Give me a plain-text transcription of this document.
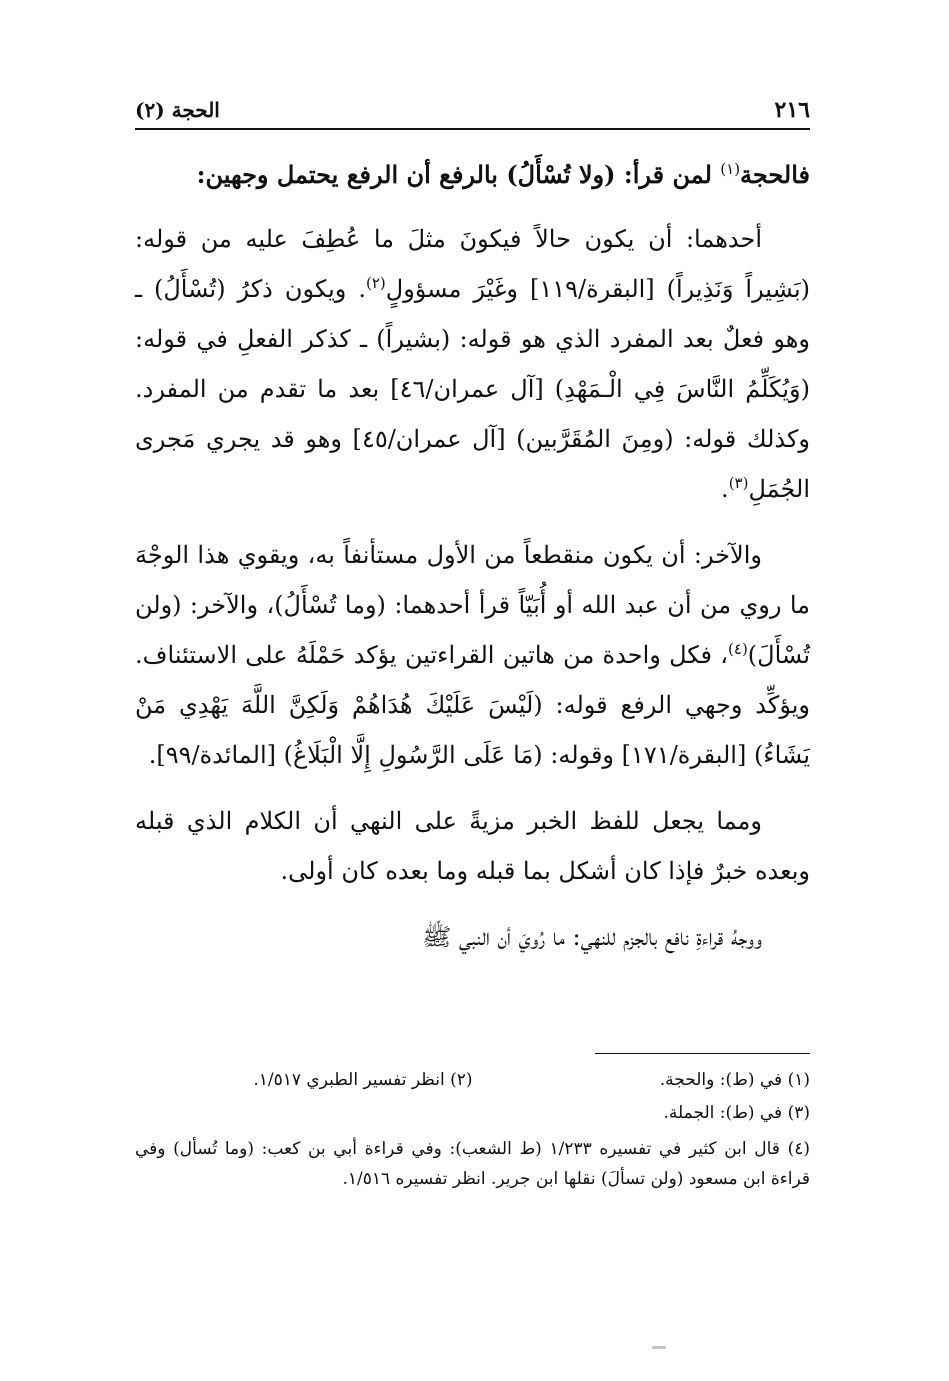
٢١٦
الحجة (٢)

فالحجة$^{(١)}$ لمن قرأ: (ولا تُسْأَلُ) بالرفع أن الرفع يحتمل وجهين:

أحدهما: أن يكون حالاً فيكونَ مثلَ ما عُطِفَ عليه من قوله: (بَشِيراً وَنَذِيراً) [البقرة/١١٩] وغَيْرَ مسؤولٍ$^{(٢)}$. ويكون ذكرُ (تُسْأَلُ) ـ وهو فعلٌ بعد المفرد الذي هو قوله: (بشيراً) ـ كذكر الفعلِ في قوله: (وَيُكَلِّمُ النَّاسَ فِي الْـمَهْدِ) [آل عمران/٤٦] بعد ما تقدم من المفرد. وكذلك قوله: (ومِنَ المُقَرَّبين) [آل عمران/٤٥] وهو قد يجري مَجرى الجُمَلِ$^{(٣)}$.

والآخر: أن يكون منقطعاً من الأول مستأنفاً به، ويقوي هذا الوجْهَ ما روي من أن عبد الله أو أُبَيّاً قرأ أحدهما: (وما تُسْأَلُ)، والآخر: (ولن تُسْأَلَ)$^{(٤)}$، فكل واحدة من هاتين القراءتين يؤكد حَمْلَهُ على الاستئناف. ويؤكِّد وجهي الرفع قوله: (لَيْسَ عَلَيْكَ هُدَاهُمْ وَلَكِنَّ اللَّهَ يَهْدِي مَنْ يَشَاءُ) [البقرة/١٧١] وقوله: (مَا عَلَى الرَّسُولِ إِلَّا الْبَلَاغُ) [المائدة/٩٩].

ومما يجعل للفظ الخبر مزيةً على النهي أن الكلام الذي قبله وبعده خبرٌ فإذا كان أشكل بما قبله وما بعده كان أولى.

ووجهُ قراءةِ نافع بالجزم للنهي: ما رُويَ أن النبي ﷺ

(١) في (ط): والحجة.
(٢) انظر تفسير الطبري ١/٥١٧.
(٣) في (ط): الجملة.
(٤) قال ابن كثير في تفسيره ١/٢٣٣ (ط الشعب): وفي قراءة أبي بن كعب: (وما تُسأل) وفي قراءة ابن مسعود (ولن تسألَ) نقلها ابن جرير. انظر تفسيره ١/٥١٦.
